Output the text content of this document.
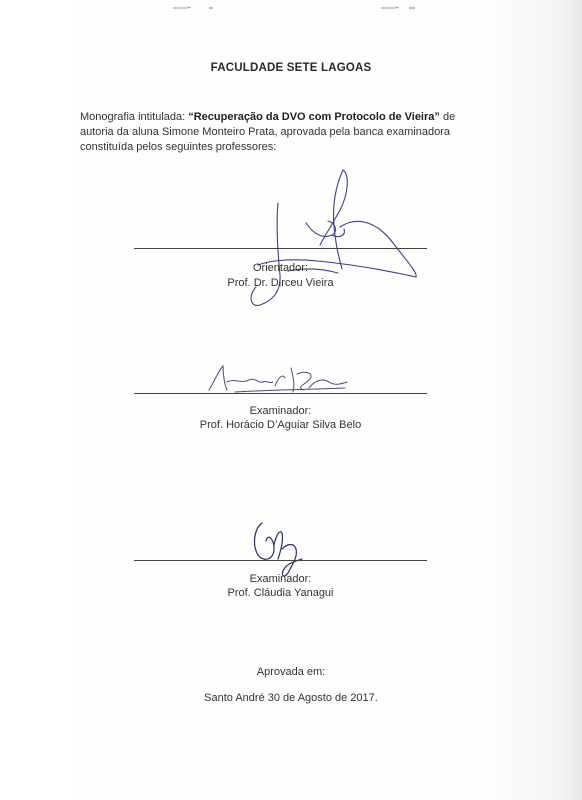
FACULDADE SETE LAGOAS
Monografia intitulada: “Recuperação da DVO com Protocolo de Vieira” de autoria da aluna Simone Monteiro Prata, aprovada pela banca examinadora constituída pelos seguintes professores:
Orientador:
Prof. Dr. Dirceu Vieira
Examinador:
Prof. Horácio D’Aguiar Silva Belo
Examinador:
Prof. Cláudia Yanagui
Aprovada em:
Santo André 30 de Agosto de 2017.
